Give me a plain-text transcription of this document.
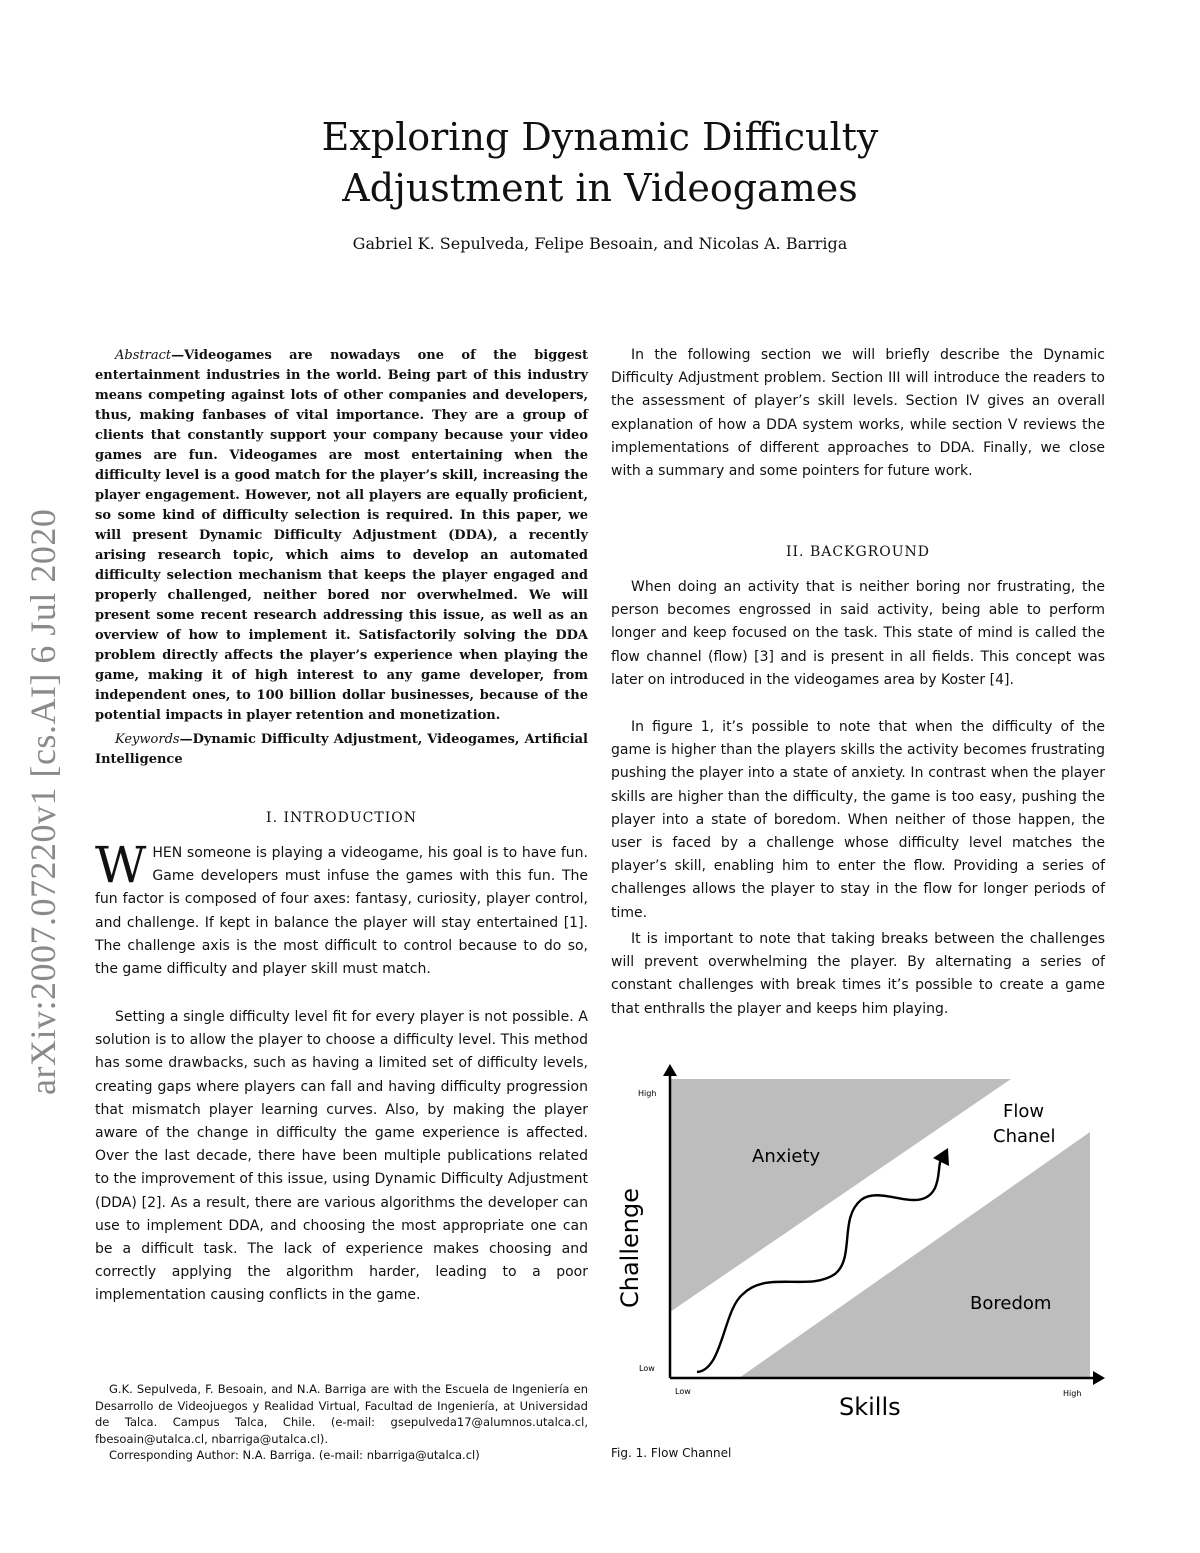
arXiv:2007.07220v1 [cs.AI] 6 Jul 2020
Exploring Dynamic Difficulty
Adjustment in Videogames
Gabriel K. Sepulveda, Felipe Besoain, and Nicolas A. Barriga
Abstract—Videogames are nowadays one of the biggest entertainment industries in the world. Being part of this industry means competing against lots of other companies and developers, thus, making fanbases of vital importance. They are a group of clients that constantly support your company because your video games are fun. Videogames are most entertaining when the difficulty level is a good match for the player’s skill, increasing the player engagement. However, not all players are equally proficient, so some kind of difficulty selection is required. In this paper, we will present Dynamic Difficulty Adjustment (DDA), a recently arising research topic, which aims to develop an automated difficulty selection mechanism that keeps the player engaged and properly challenged, neither bored nor overwhelmed. We will present some recent research addressing this issue, as well as an overview of how to implement it. Satisfactorily solving the DDA problem directly affects the player’s experience when playing the game, making it of high interest to any game developer, from independent ones, to 100 billion dollar businesses, because of the potential impacts in player retention and monetization.
Keywords—Dynamic Difficulty Adjustment, Videogames, Artificial Intelligence
I. INTRODUCTION
WHEN someone is playing a videogame, his goal is to have fun. Game developers must infuse the games with this fun. The fun factor is composed of four axes: fantasy, curiosity, player control, and challenge. If kept in balance the player will stay entertained [1]. The challenge axis is the most difficult to control because to do so, the game difficulty and player skill must match.
Setting a single difficulty level fit for every player is not possible. A solution is to allow the player to choose a difficulty level. This method has some drawbacks, such as having a limited set of difficulty levels, creating gaps where players can fall and having difficulty progression that mismatch player learning curves. Also, by making the player aware of the change in difficulty the game experience is affected. Over the last decade, there have been multiple publications related to the improvement of this issue, using Dynamic Difficulty Adjustment (DDA) [2]. As a result, there are various algorithms the developer can use to implement DDA, and choosing the most appropriate one can be a difficult task. The lack of experience makes choosing and correctly applying the algorithm harder, leading to a poor implementation causing conflicts in the game.

G.K. Sepulveda, F. Besoain, and N.A. Barriga are with the Escuela de Ingeniería en Desarrollo de Videojuegos y Realidad Virtual, Facultad de Ingeniería, at Universidad de Talca. Campus Talca, Chile. (e-mail: gsepulveda17@alumnos.utalca.cl, fbesoain@utalca.cl, nbarriga@utalca.cl).

Corresponding Author: N.A. Barriga. (e-mail: nbarriga@utalca.cl)

In the following section we will briefly describe the Dynamic Difficulty Adjustment problem. Section III will introduce the readers to the assessment of player’s skill levels. Section IV gives an overall explanation of how a DDA system works, while section V reviews the implementations of different approaches to DDA. Finally, we close with a summary and some pointers for future work.
II. BACKGROUND
When doing an activity that is neither boring nor frustrating, the person becomes engrossed in said activity, being able to perform longer and keep focused on the task. This state of mind is called the flow channel (flow) [3] and is present in all fields. This concept was later on introduced in the videogames area by Koster [4].
In figure 1, it’s possible to note that when the difficulty of the game is higher than the players skills the activity becomes frustrating pushing the player into a state of anxiety. In contrast when the player skills are higher than the difficulty, the game is too easy, pushing the player into a state of boredom. When neither of those happen, the user is faced by a challenge whose difficulty level matches the player’s skill, enabling him to enter the flow. Providing a series of challenges allows the player to stay in the flow for longer periods of time.
It is important to note that taking breaks between the challenges will prevent overwhelming the player. By alternating a series of constant challenges with break times it’s possible to create a game that enthralls the player and keeps him playing.
High
Low
Low	High
Challenge
Skills
Anxiety
Boredom
Flow
Chanel
Fig. 1. Flow Channel
